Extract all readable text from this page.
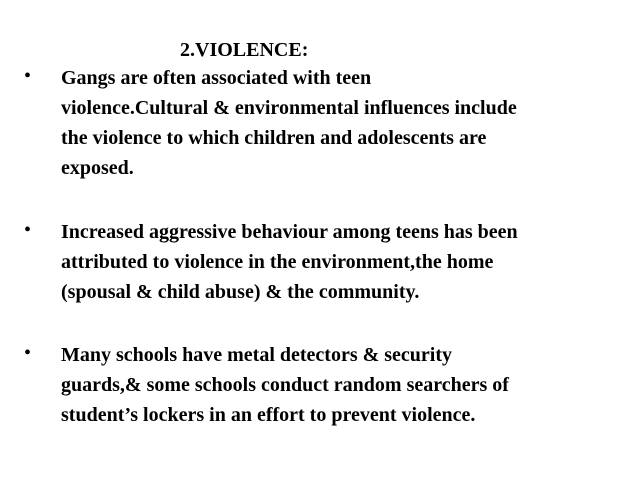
2.VIOLENCE:
• Gangs are often associated with teen
violence.Cultural & environmental influences include
the violence to which children and adolescents are
exposed.
• Increased aggressive behaviour among teens has been
attributed to violence in the environment,the home
(spousal & child abuse) & the community.
• Many schools have metal detectors & security
guards,& some schools conduct random searchers of
student’s lockers in an effort to prevent violence.
